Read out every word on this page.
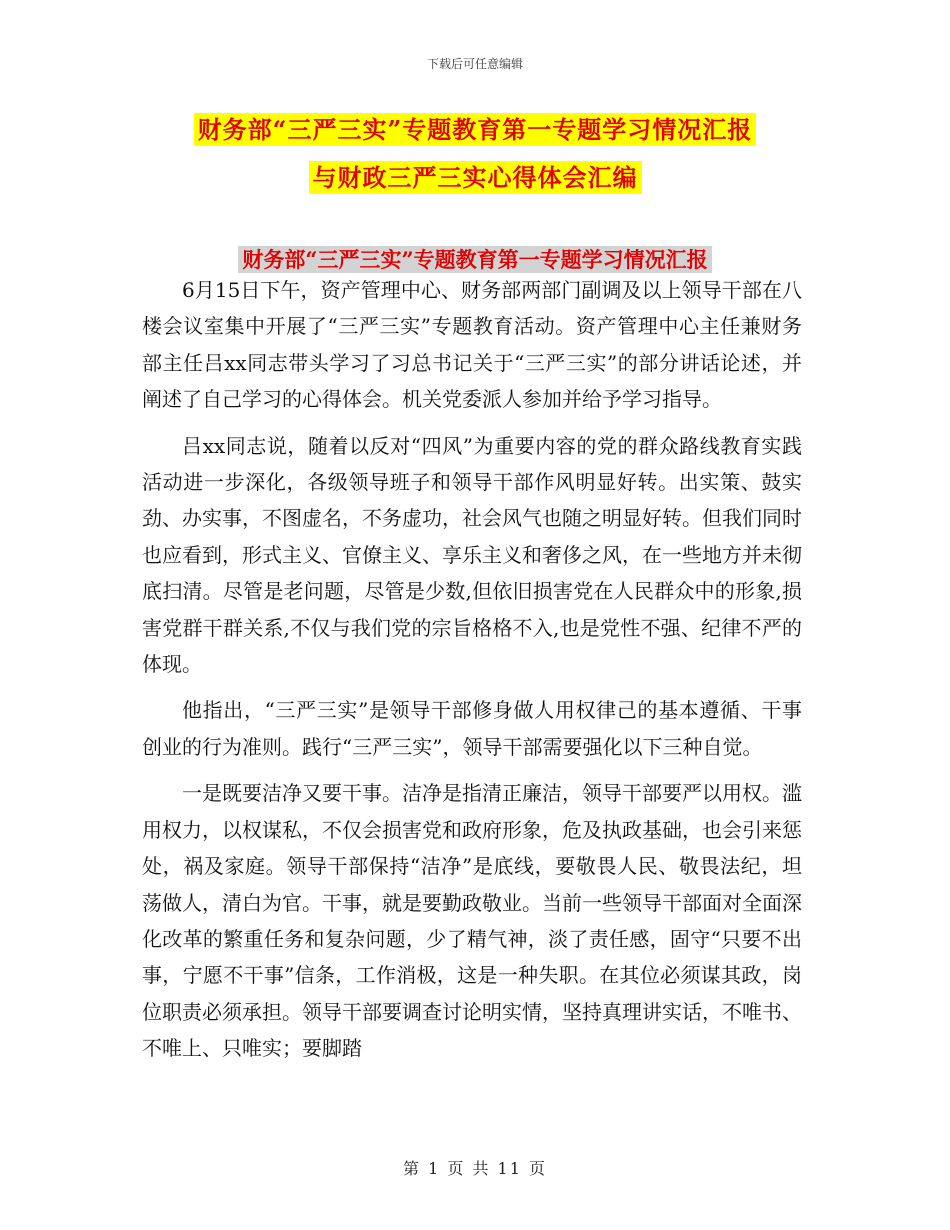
下载后可任意编辑
财务部“三严三实”专题教育第一专题学习情况汇报
与财政三严三实心得体会汇编
财务部“三严三实”专题教育第一专题学习情况汇报

6月15日下午，资产管理中心、财务部两部门副调及以上领导干部在八楼会议室集中开展了“三严三实”专题教育活动。资产管理中心主任兼财务部主任吕xx同志带头学习了习总书记关于“三严三实”的部分讲话论述，并阐述了自己学习的心得体会。机关党委派人参加并给予学习指导。

吕xx同志说，随着以反对“四风”为重要内容的党的群众路线教育实践活动进一步深化，各级领导班子和领导干部作风明显好转。出实策、鼓实劲、办实事，不图虚名，不务虚功，社会风气也随之明显好转。但我们同时也应看到，形式主义、官僚主义、享乐主义和奢侈之风，在一些地方并未彻底扫清。尽管是老问题，尽管是少数,但依旧损害党在人民群众中的形象,损害党群干群关系,不仅与我们党的宗旨格格不入,也是党性不强、纪律不严的体现。

他指出，“三严三实”是领导干部修身做人用权律己的基本遵循、干事创业的行为准则。践行“三严三实”，领导干部需要强化以下三种自觉。

一是既要洁净又要干事。洁净是指清正廉洁，领导干部要严以用权。滥用权力，以权谋私，不仅会损害党和政府形象，危及执政基础，也会引来惩处，祸及家庭。领导干部保持“洁净”是底线，要敬畏人民、敬畏法纪，坦荡做人，清白为官。干事，就是要勤政敬业。当前一些领导干部面对全面深化改革的繁重任务和复杂问题，少了精气神，淡了责任感，固守“只要不出事，宁愿不干事”信条，工作消极，这是一种失职。在其位必须谋其政，岗位职责必须承担。领导干部要调查讨论明实情，坚持真理讲实话，不唯书、不唯上、只唯实；要脚踏

第 1 页 共 11 页
